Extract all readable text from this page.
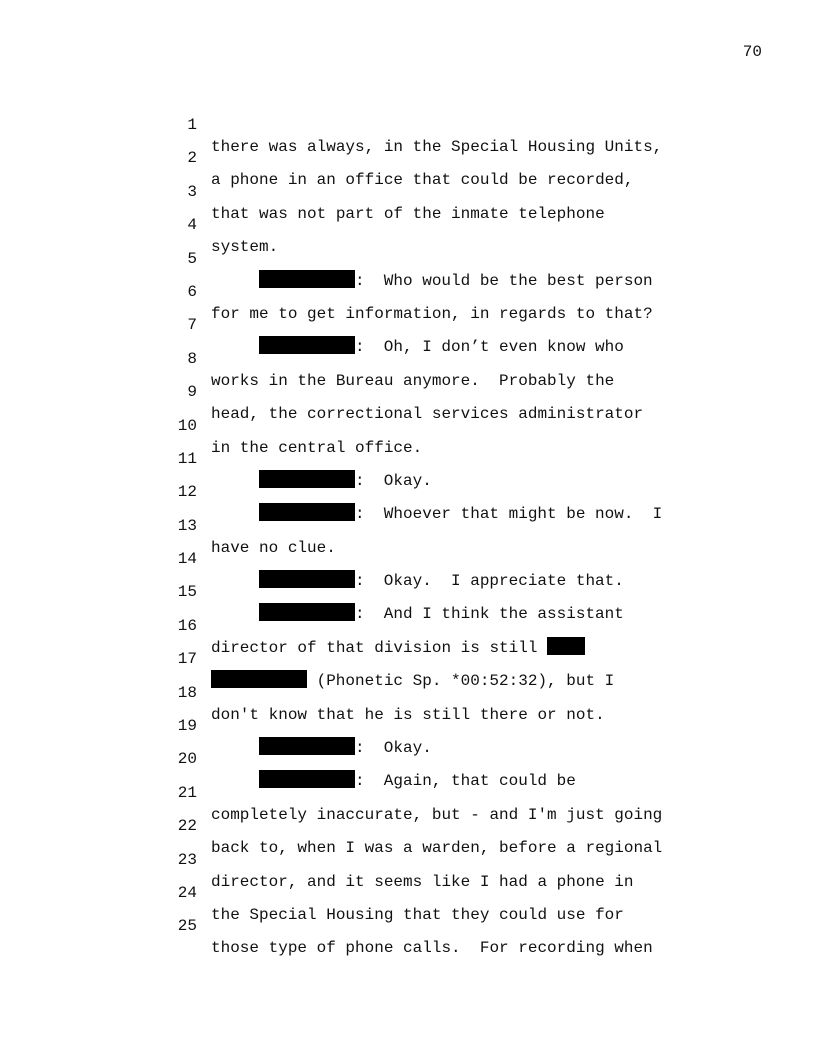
70

1

there was always, in the Special Housing Units,

2

a phone in an office that could be recorded,

3

that was not part of the inmate telephone

4

system.

5

:  Who would be the best person

6

for me to get information, in regards to that?

7

:  Oh, I don’t even know who

8

works in the Bureau anymore.  Probably the

9

head, the correctional services administrator

10

in the central office.

11

:  Okay.

12

:  Whoever that might be now.  I

13

have no clue.

14

:  Okay.  I appreciate that.

15

:  And I think the assistant

16

director of that division is still

17

(Phonetic Sp. *00:52:32), but I

18

don't know that he is still there or not.

19

:  Okay.

20

:  Again, that could be

21

completely inaccurate, but - and I'm just going

22

back to, when I was a warden, before a regional

23

director, and it seems like I had a phone in

24

the Special Housing that they could use for

25

those type of phone calls.  For recording when
